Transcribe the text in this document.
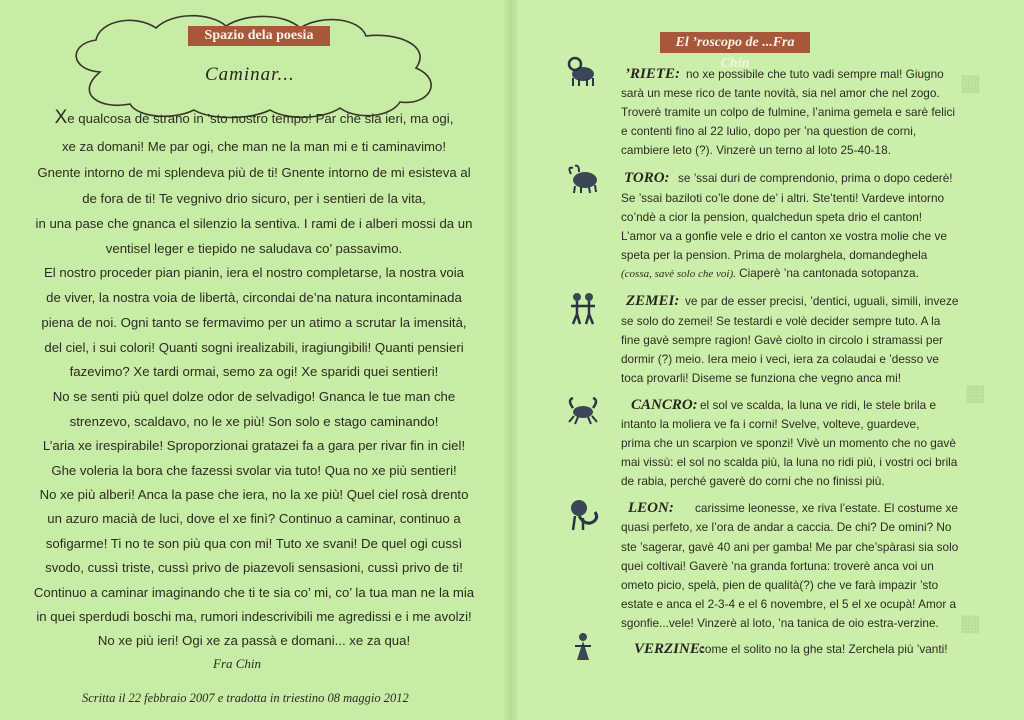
▦
▦
▦
Spazio dela poesia
Caminar...
Xe qualcosa de strano in ’sto nostro tempo! Par che sia ieri, ma ogi,
xe za domani! Me par ogi, che man ne la man mi e ti caminavimo!
Gnente intorno de mi splendeva più de ti! Gnente intorno de mi esisteva al
de fora de ti! Te vegnivo drio sicuro, per i sentieri de la vita,
in una pase che gnanca el silenzio la sentiva. I rami de i alberi mossi da un
ventisel leger e tiepido ne saludava co’ passavimo.
El nostro proceder pian pianin, iera el nostro completarse, la nostra voia
de viver, la nostra voia de libertà, circondai de’na natura incontaminada
piena de noi. Ogni tanto se fermavimo per un atimo a scrutar la imensità,
del ciel, i sui colori! Quanti sogni irealizabili, iragiungibili! Quanti pensieri
fazevimo? Xe tardi ormai, semo za ogi! Xe sparidi quei sentieri!
No se senti più quel dolze odor de selvadigo! Gnanca le tue man che
strenzevo, scaldavo, no le xe più! Son solo e stago caminando!
L’aria xe irespirabile! Sproporzionai gratazei fa a gara per rivar fin in ciel!
Ghe voleria la bora che fazessi svolar via tuto! Qua no xe più sentieri!
No xe più alberi! Anca la pase che iera, no la xe più! Quel ciel rosà drento
un azuro macià de luci, dove el xe finì? Continuo a caminar, continuo a
sofigarme! Ti no te son più qua con mi! Tuto xe svani! De quel ogi cussì
svodo, cussì triste, cussì privo de piazevoli sensasioni, cussì privo de ti!
Continuo a caminar imaginando che ti te sia co’ mi, co’ la tua man ne la mia
in quei sperdudi boschi ma, rumori indescrivibili me agredissi e i me avolzi!
No xe più ieri! Ogi xe za passà e domani... xe za qua!
Fra Chin
Scritta il 22 febbraio 2007 e tradotta in triestino 08 maggio 2012
El ’roscopo de ...Fra Chin
’RIETE: no xe possibile che tuto vadi sempre mal! Giugno
sarà un mese rico de tante novità, sia nel amor che nel zogo.
Troverè tramite un colpo de fulmine, l’anima gemela e sarè felici
e contenti fino al 22 lulio, dopo per ’na question de corni,
cambiere leto (?). Vinzerè un terno al loto 25-40-18.
TORO: se ’ssai duri de comprendonio, prima o dopo cederè!
Se ’ssai baziloti co’le done de’ i altri. Ste’tenti! Vardeve intorno
co’ndè a cior la pension, qualchedun speta drio el canton!
L’amor va a gonfie vele e drio el canton xe vostra molie che ve
speta per la pension. Prima de molarghela, domandeghela
(cossa, savè solo che voi). Ciaperè ’na cantonada sotopanza.
ZEMEI: ve par de esser precisi, ’dentici, uguali, simili, inveze
se solo do zemei! Se testardi e volè decider sempre tuto. A la
fine gavè sempre ragion! Gavè ciolto in circolo i stramassi per
dormir (?) meio. Iera meio i veci, iera za colaudai e ’desso ve
toca provarli! Diseme se funziona che vegno anca mi!
CANCRO: el sol ve scalda, la luna ve ridi, le stele brila e
intanto la moliera ve fa i corni! Svelve, volteve, guardeve,
prima che un scarpion ve sponzi! Vivè un momento che no gavè
mai vissù: el sol no scalda più, la luna no ridi più, i vostri oci brila
de rabia, perché gaverè do corni che no finissi più.
LEON: carissime leonesse, xe riva l’estate. El costume xe
quasi perfeto, xe l’ora de andar a caccia. De chi? De omini? No
ste ’sagerar, gavè 40 ani per gamba! Me par che’spàrasi sia solo
quei coltivai! Gaverè ’na granda fortuna: troverè anca voi un
ometo picio, spelà, pien de qualità(?) che ve farà impazir ’sto
estate e anca el 2-3-4 e el 6 novembre, el 5 el xe ocupà! Amor a
sgonfie...vele! Vinzerè al loto, ’na tanica de oio estra-verzine.
VERZINE:
come el solito no la ghe sta! Zerchela più ’vanti!
